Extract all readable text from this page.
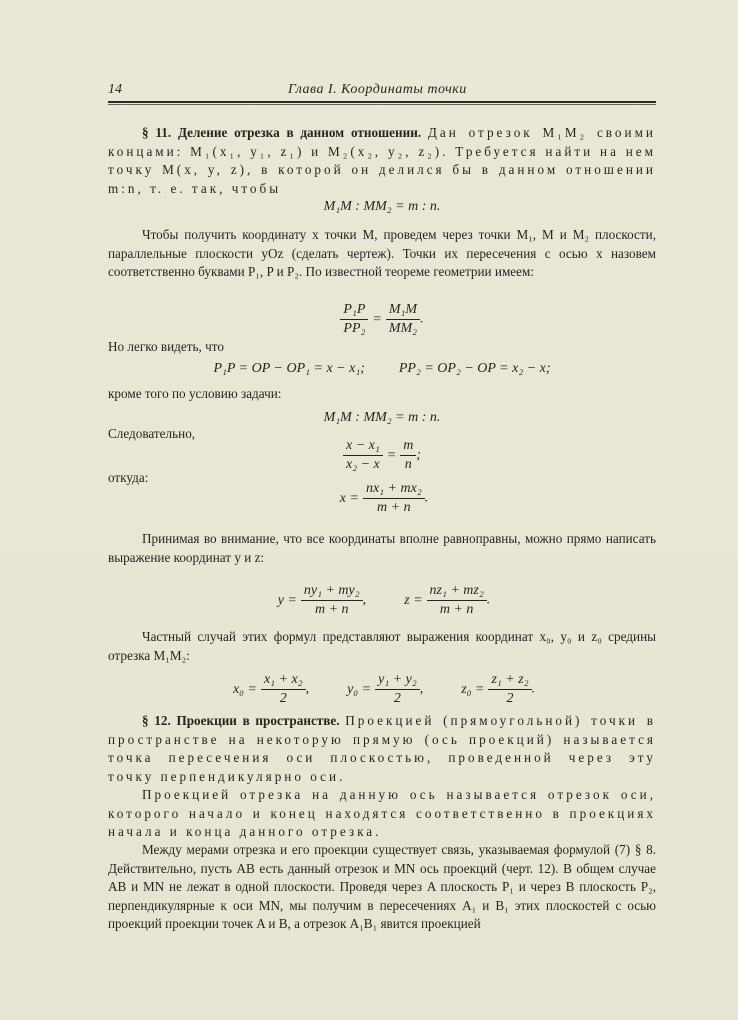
14	Глава I. Координаты точки
§ 11. Деление отрезка в данном отношении. Дан отрезок M₁M₂ своими концами: M₁(x₁, y₁, z₁) и M₂(x₂, y₂, z₂). Требуется найти на нем точку M(x, y, z), в которой он делился бы в данном отношении m:n, т. е. так, чтобы
M₁M : MM₂ = m : n.
Чтобы получить координату x точки M, проведем через точки M₁, M и M₂ плоскости, параллельные плоскости yOz (сделать чертеж). Точки их пересечения с осью x назовем соответственно буквами P₁, P и P₂. По известной теореме геометрии имеем:
$\frac{\text{P₁P}}{\text{PP₂}} = \frac{\text{M₁M}}{\text{MM₂}}$ .
Но легко видеть, что
P₁P = OP − OP₁ = x − x₁; PP₂ = OP₂ − OP = x₂ − x;
кроме того по условию задачи:
M₁M : MM₂ = m : n.
Следовательно,
$\frac{\text{x − x₁}}{\text{x₂ − x}} = \frac{m}{n}$ ;
откуда:
$x = \frac{\text{nx₁ + mx₂}}{m + n}$ .
Принимая во внимание, что все координаты вполне равноправны, можно прямо написать выражение координат y и z:
$y = \frac{\text{ny₁ + my₂}}{m + n}$ ,	$z = \frac{\text{nz₁ + mz₂}}{m + n}$ .
Частный случай этих формул представляют выражения координат x₀, y₀ и z₀ средины отрезка M₁M₂:
$x_0 = \frac{\text{x₁ + x₂}}{2}$ ,	$y_0 = \frac{\text{y₁ + y₂}}{2}$ ,	$z_0 = \frac{\text{z₁ + z₂}}{2}$ .
§ 12. Проекции в пространстве. Проекцией (прямоугольной) точки в пространстве на некоторую прямую (ось проекций) называется точка пересечения оси плоскостью, проведенной через эту точку перпендикулярно оси.
Проекцией отрезка на данную ось называется отрезок оси, которого начало и конец находятся соответственно в проекциях начала и конца данного отрезка.
Между мерами отрезка и его проекции существует связь, указываемая формулой (7) § 8. Действительно, пусть AB есть данный отрезок и MN ось проекций (черт. 12). В общем случае AB и MN не лежат в одной плоскости. Проведя через A плоскость P₁ и через B плоскость P₂, перпендикулярные к оси MN, мы получим в пересечениях A₁ и B₁ этих плоскостей с осью проекций проекции точек A и B, а отрезок A₁B₁ явится проекцией
